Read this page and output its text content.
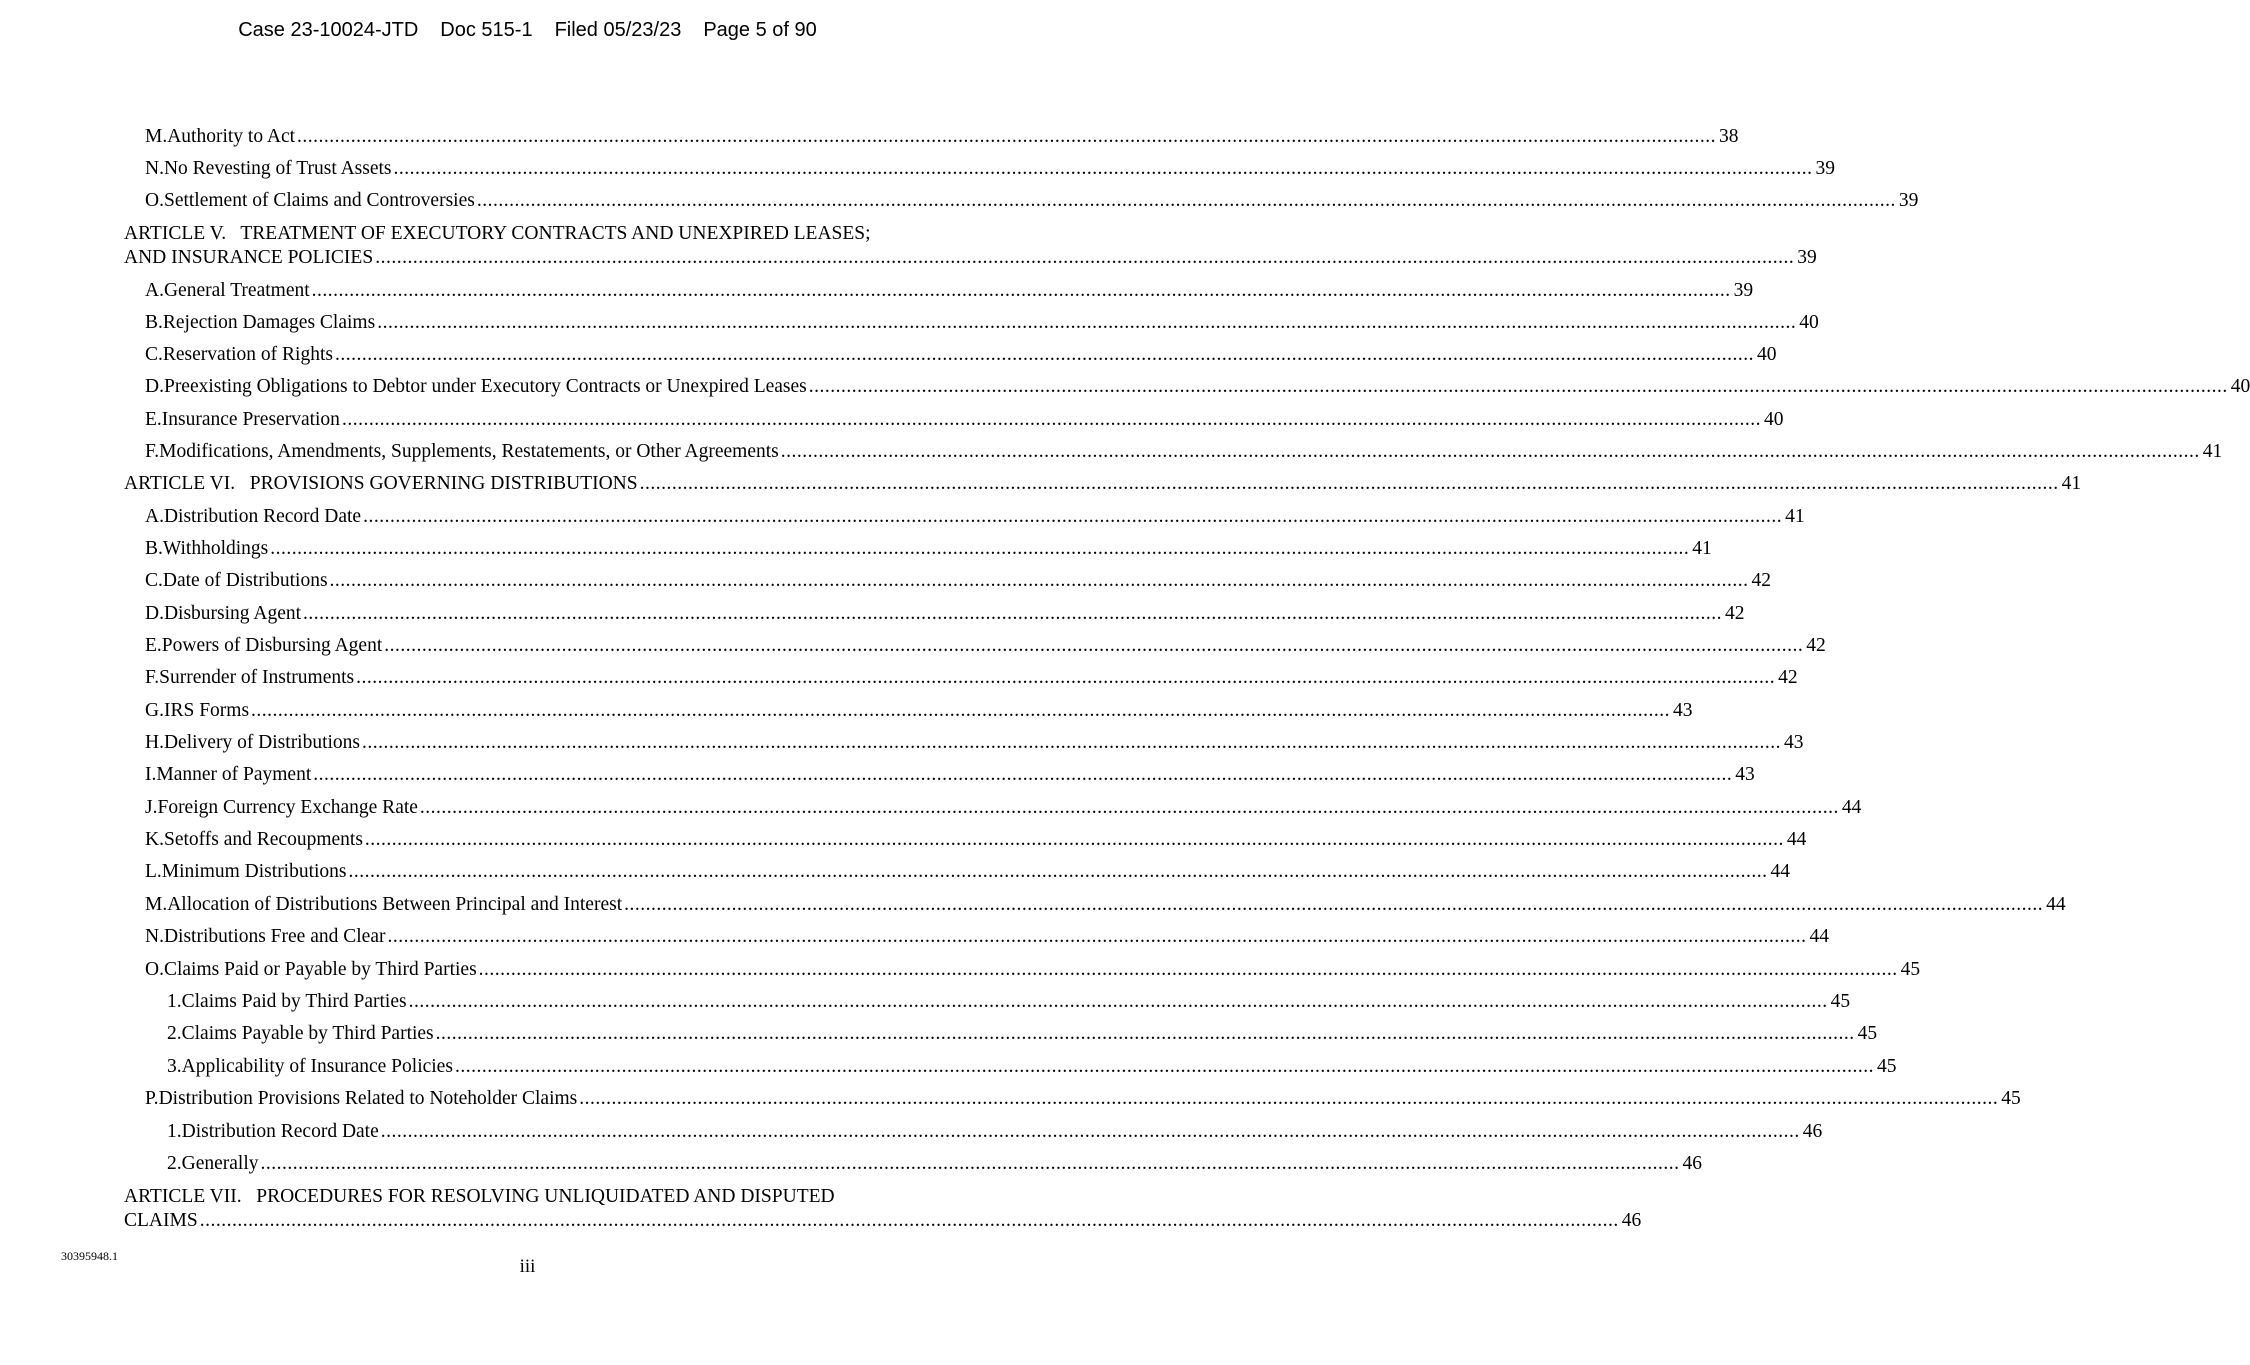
Case 23-10024-JTD Doc 515-1 Filed 05/23/23 Page 5 of 90
M. Authority to Act .....	38
N. No Revesting of Trust Assets .....	39
O. Settlement of Claims and Controversies .....	39
ARTICLE V.   TREATMENT OF EXECUTORY CONTRACTS AND UNEXPIRED LEASES;
AND INSURANCE POLICIES .....	39
A. General Treatment .....	39
B. Rejection Damages Claims .....	40
C. Reservation of Rights .....	40
D. Preexisting Obligations to Debtor under Executory Contracts or Unexpired Leases .....	40
E. Insurance Preservation .....	40
F. Modifications, Amendments, Supplements, Restatements, or Other Agreements .....	41
ARTICLE VI.   PROVISIONS GOVERNING DISTRIBUTIONS .....	41
A. Distribution Record Date .....	41
B. Withholdings .....	41
C. Date of Distributions .....	42
D. Disbursing Agent .....	42
E. Powers of Disbursing Agent .....	42
F. Surrender of Instruments .....	42
G. IRS Forms .....	43
H. Delivery of Distributions .....	43
I. Manner of Payment .....	43
J. Foreign Currency Exchange Rate .....	44
K. Setoffs and Recoupments .....	44
L. Minimum Distributions .....	44
M. Allocation of Distributions Between Principal and Interest .....	44
N. Distributions Free and Clear .....	44
O. Claims Paid or Payable by Third Parties .....	45
1. Claims Paid by Third Parties .....	45
2. Claims Payable by Third Parties .....	45
3. Applicability of Insurance Policies .....	45
P. Distribution Provisions Related to Noteholder Claims .....	45
1. Distribution Record Date .....	46
2. Generally .....	46
ARTICLE VII.   PROCEDURES FOR RESOLVING UNLIQUIDATED AND DISPUTED
CLAIMS .....	46
30395948.1	iii
